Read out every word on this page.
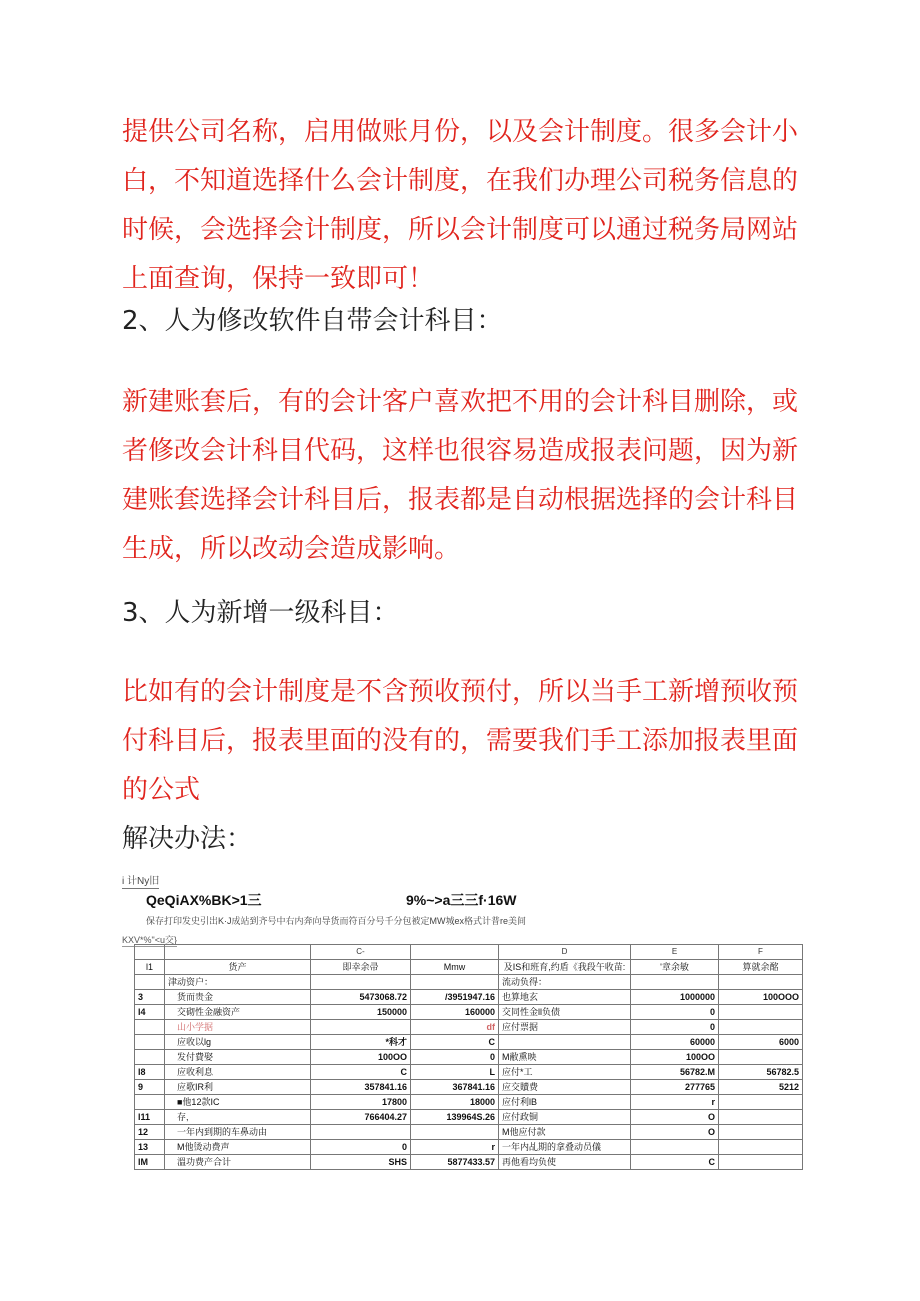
提供公司名称，启用做账月份，以及会计制度。很多会计小白，不知道选择什么会计制度，在我们办理公司税务信息的时候，会选择会计制度，所以会计制度可以通过税务局网站上面查询，保持一致即可！

2、人为修改软件自带会计科目：

新建账套后，有的会计客户喜欢把不用的会计科目删除，或者修改会计科目代码，这样也很容易造成报表问题，因为新建账套选择会计科目后，报表都是自动根据选择的会计科目生成，所以改动会造成影响。

3、人为新增一级科目：

比如有的会计制度是不含预收预付，所以当手工新增预收预付科目后，报表里面的没有的，需要我们手工添加报表里面的公式

解决办法：

i 计Ny旧
QeQiAX%BK>1三	9%~>a三三f·16W
保存打印发史引出K·J成站到齐号中右内奔向导货而符百分号千分包被定MW城ex格式计普re美间
KXV*%"<u交}
		C-		D	E	F
l1	货产	即幸余帚	Mmw	及IS和班育,约盾《我段午收苗:	'章余敏	算就余酩
	津动资户：			流动负得：		
3	货而贵金	5473068.72	/3951947.16	也算地玄	1000000	100OOO
l4	交砌性金融资产	150000	160000	交同性金ll负债	0	
	山小学据		df	应付票据	0	
	应收以lg	*科才	C		60000	6000
	发付費娶	100OO	0	M敝熏映	100OO	
l8	应收利息	C	L	应付*工	56782.M	56782.5
9	应歌IR利	357841.16	367841.16	应交贖费	277765	5212
	■他12款IC	17800	18000	应付利lB	r	
l11	存,	766404.27	139964S.26	应付政铜	O	
12	一年内到期的车鼻动由			M他应付款	O	
13	M他烫动费声	0	r	一年内乩期的拿叠动员儀		
lM	溫功费产合计	SHS	5877433.57	再他看均负使	C	
